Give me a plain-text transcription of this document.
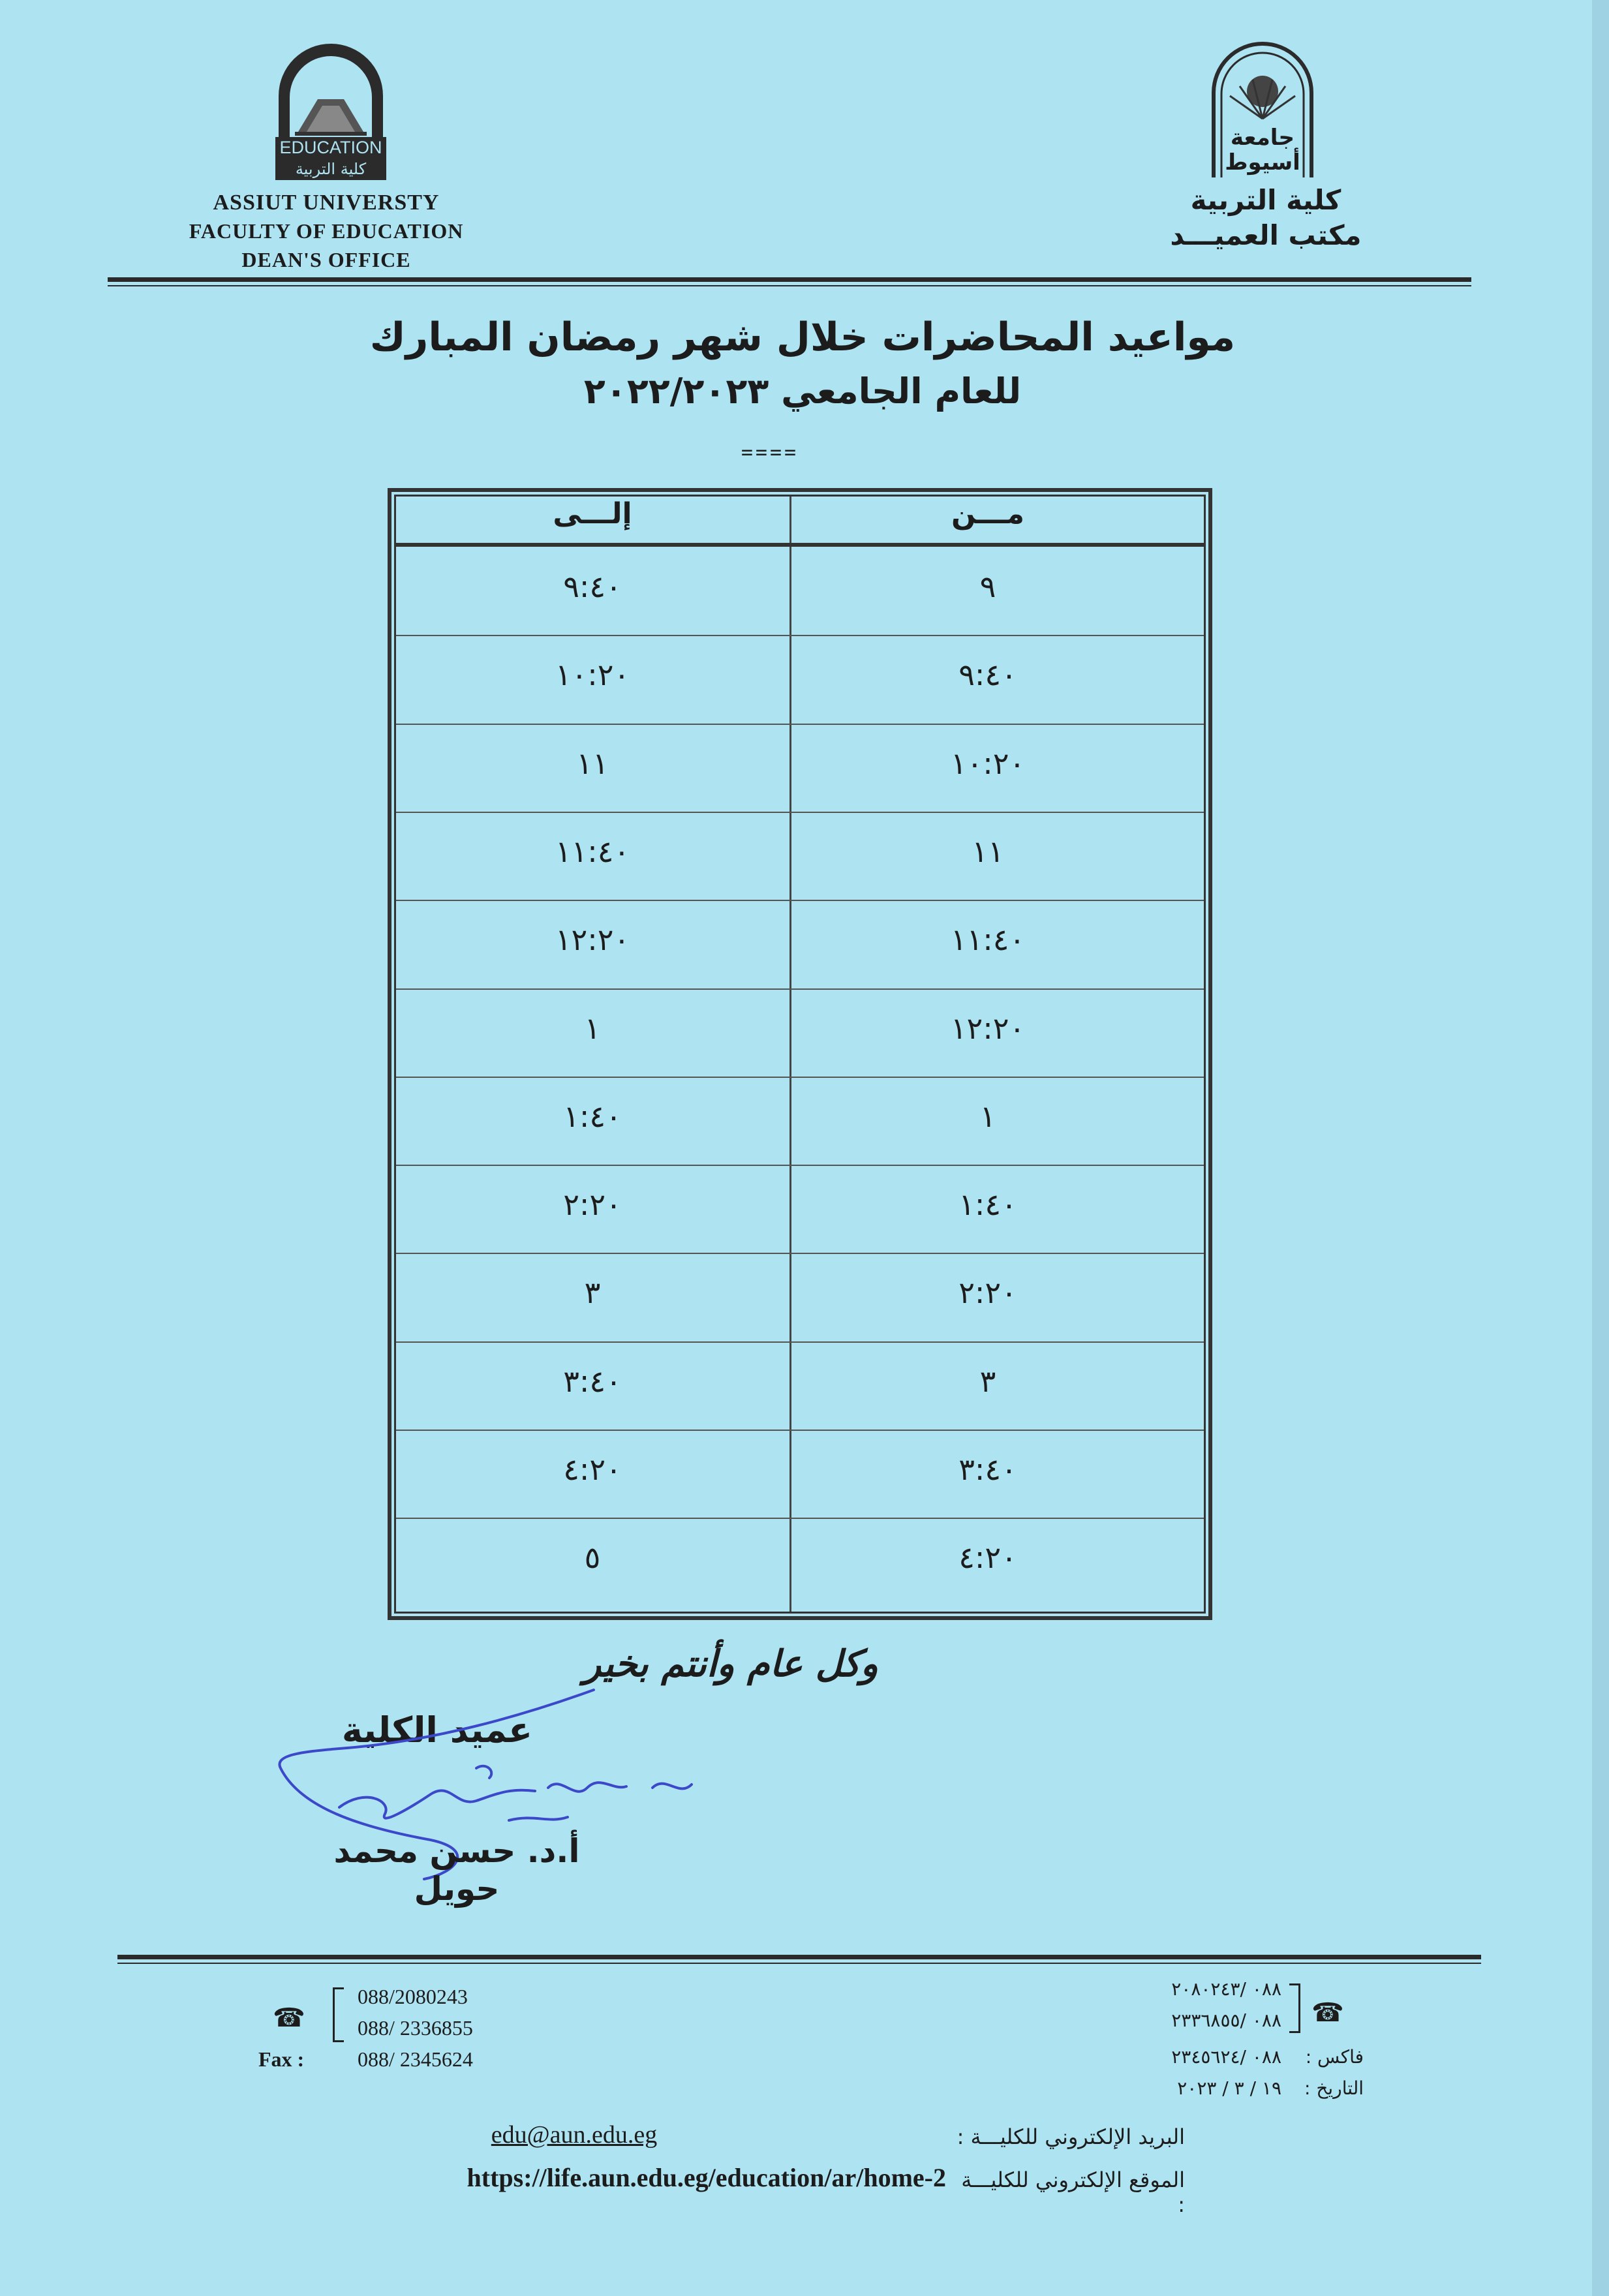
EDUCATION
كلية التربية
ASSIUT UNIVERSTY
FACULTY OF EDUCATION
DEAN'S OFFICE
جامعة أسيوط
كلية التربية
مكتب العميـــد
مواعيد المحاضرات خلال شهر رمضان المبارك
للعام الجامعي ٢٠٢٢/٢٠٢٣
====
مـــن
إلـــى
٩
٩:٤٠
٩:٤٠
١٠:٢٠
١٠:٢٠
١١
١١
١١:٤٠
١١:٤٠
١٢:٢٠
١٢:٢٠
١
١
١:٤٠
١:٤٠
٢:٢٠
٢:٢٠
٣
٣
٣:٤٠
٣:٤٠
٤:٢٠
٤:٢٠
٥
وكل عام وأنتم بخير
عميد الكلية
أ.د. حسن محمد حويل
☎
088/2080243
088/ 2336855
Fax :	088/ 2345624
☎
٠٨٨ /٢٠٨٠٢٤٣
٠٨٨ /٢٣٣٦٨٥٥
٠٨٨ /٢٣٤٥٦٢٤	فاكس :
التاريخ :
١٩ / ٣ / ٢٠٢٣
البريد الإلكتروني للكليـــة :
edu@aun.edu.eg
الموقع الإلكتروني للكليـــة :
https://life.aun.edu.eg/education/ar/home-2
